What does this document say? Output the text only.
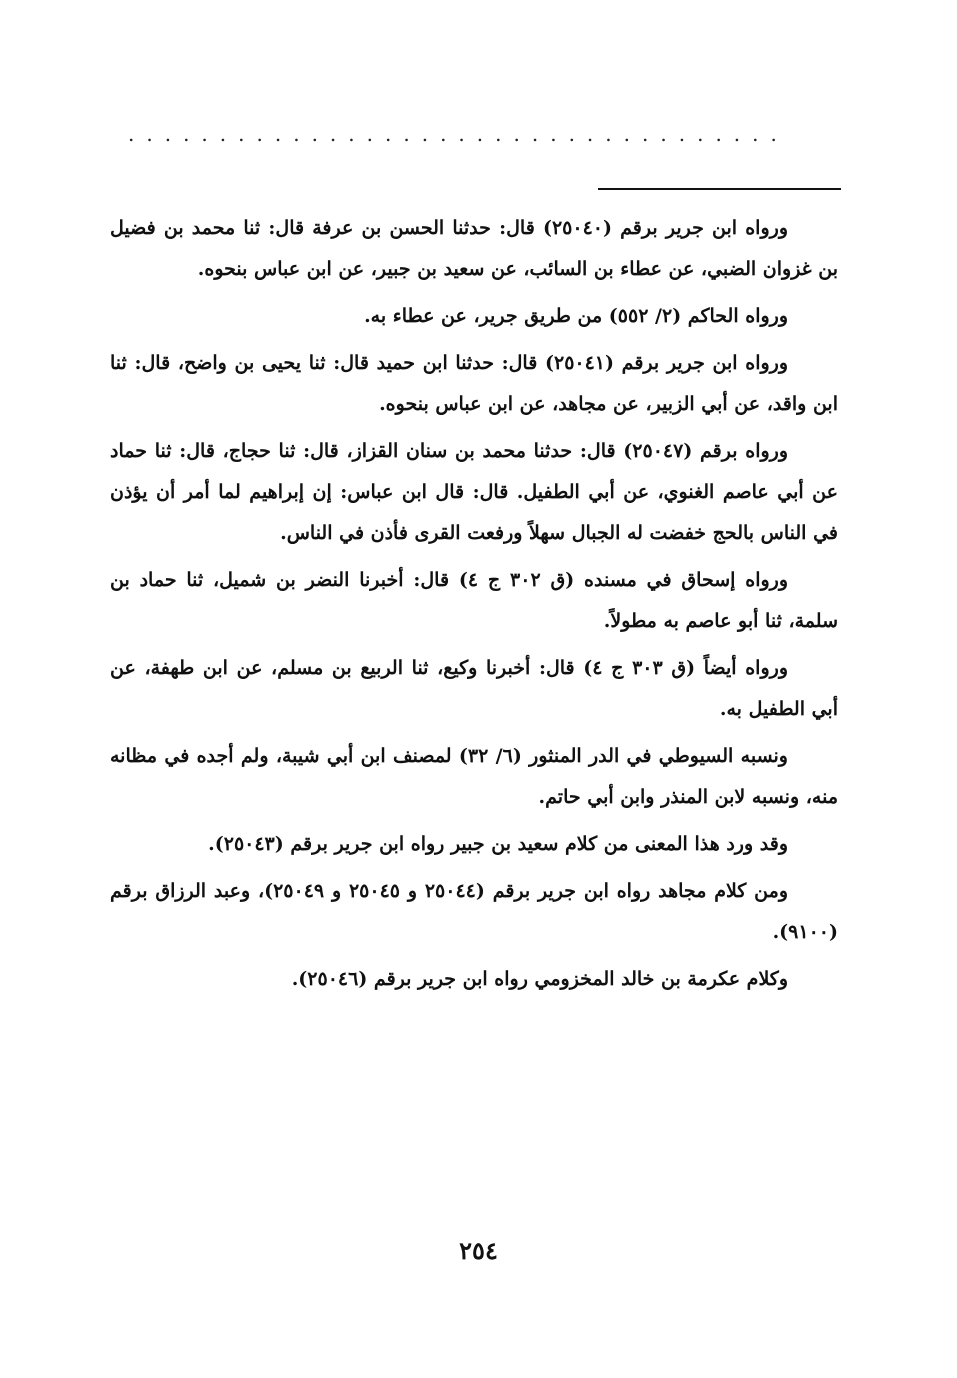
....................................

ورواه ابن جرير برقم (٢٥٠٤٠) قال: حدثنا الحسن بن عرفة قال: ثنا محمد بن فضيل بن غزوان الضبي، عن عطاء بن السائب، عن سعيد بن جبير، عن ابن عباس بنحوه.

ورواه الحاكم (٢/ ٥٥٢) من طريق جرير، عن عطاء به.

ورواه ابن جرير برقم (٢٥٠٤١) قال: حدثنا ابن حميد قال: ثنا يحيى بن واضح، قال: ثنا ابن واقد، عن أبي الزبير، عن مجاهد، عن ابن عباس بنحوه.

ورواه برقم (٢٥٠٤٧) قال: حدثنا محمد بن سنان القزاز، قال: ثنا حجاج، قال: ثنا حماد عن أبي عاصم الغنوي، عن أبي الطفيل. قال: قال ابن عباس: إن إبراهيم لما أمر أن يؤذن في الناس بالحج خفضت له الجبال سهلاً ورفعت القرى فأذن في الناس.

ورواه إسحاق في مسنده (ق ٣٠٢ ج ٤) قال: أخبرنا النضر بن شميل، ثنا حماد بن سلمة، ثنا أبو عاصم به مطولاً.

ورواه أيضاً (ق ٣٠٣ ج ٤) قال: أخبرنا وكيع، ثنا الربيع بن مسلم، عن ابن طهفة، عن أبي الطفيل به.

ونسبه السيوطي في الدر المنثور (٦/ ٣٢) لمصنف ابن أبي شيبة، ولم أجده في مظانه منه، ونسبه لابن المنذر وابن أبي حاتم.

وقد ورد هذا المعنى من كلام سعيد بن جبير رواه ابن جرير برقم (٢٥٠٤٣).

ومن كلام مجاهد رواه ابن جرير برقم (٢٥٠٤٤ و ٢٥٠٤٥ و ٢٥٠٤٩)، وعبد الرزاق برقم (٩١٠٠).

وكلام عكرمة بن خالد المخزومي رواه ابن جرير برقم (٢٥٠٤٦).

٢٥٤
